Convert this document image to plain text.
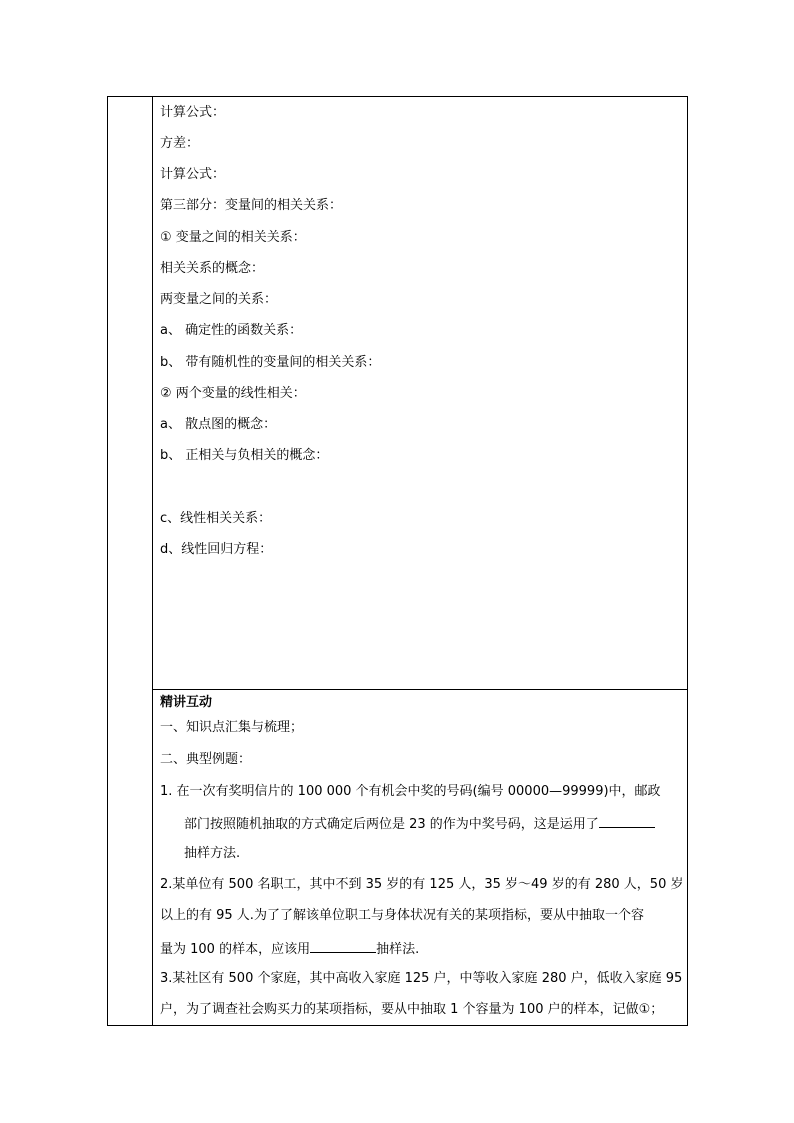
计算公式：
方差：
计算公式：
第三部分：变量间的相关关系：
① 变量之间的相关关系：
相关关系的概念：
两变量之间的关系：
a、 确定性的函数关系：
b、 带有随机性的变量间的相关关系：
② 两个变量的线性相关：
a、 散点图的概念：
b、 正相关与负相关的概念：
c、线性相关关系：
d、线性回归方程：
精讲互动
一、知识点汇集与梳理；
二、典型例题：
1. 在一次有奖明信片的 100 000 个有机会中奖的号码(编号 00000—99999)中，邮政
部门按照随机抽取的方式确定后两位是 23 的作为中奖号码，这是运用了
抽样方法.
2.某单位有 500 名职工，其中不到 35 岁的有 125 人，35 岁～49 岁的有 280 人，50 岁
以上的有 95 人.为了了解该单位职工与身体状况有关的某项指标，要从中抽取一个容
量为 100 的样本，应该用	抽样法.
3.某社区有 500 个家庭，其中高收入家庭 125 户，中等收入家庭 280 户，低收入家庭 95
户，为了调查社会购买力的某项指标，要从中抽取 1 个容量为 100 户的样本，记做①；
